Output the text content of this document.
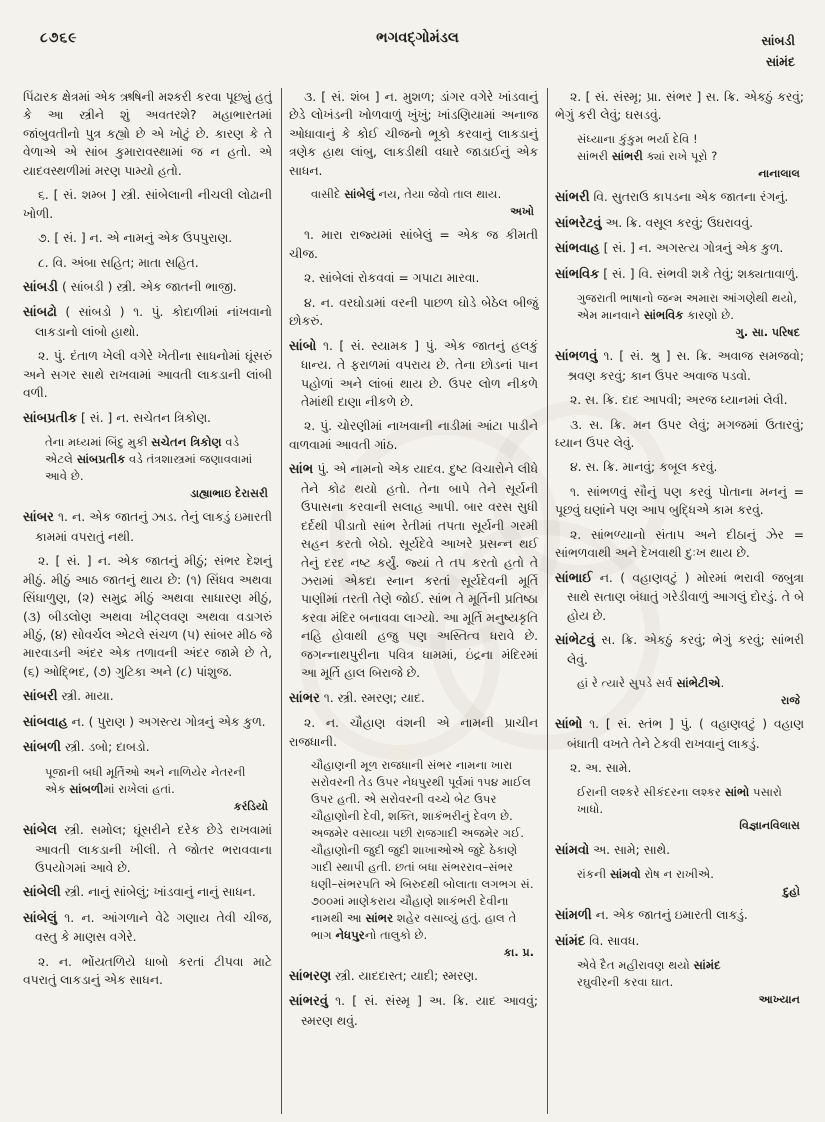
૮૭૬૯	ભગવદ્ગોમંડલ	સાંબડી
સાંમંદ

પિંઢારક ક્ષેત્રમાં એક ઋષિની મશ્કરી કરવા પૂછ્યું હતું કે આ સ્ત્રીને શું અવતરશે? મહાભારતમાં જાંબુવતીનો પુત્ર કહ્યો છે એ ખોટું છે. કારણ કે તે વેળાએ એ સાંબ કુમારાવસ્થામાં જ ન હતો. એ યાદવસ્થળીમાં મરણ પામ્યો હતો.

૬. [ સં. શમ્બ ] સ્ત્રી. સાંબેલાની નીચલી લોઢાની ખોળી.

૭. [ સં. ] ન. એ નામનું એક ઉપપુરાણ.

૮. વિ. અંબા સહિત; માતા સહિત.

સાંબડી ( સાંબડી ) સ્ત્રી. એક જાતની ભાજી.

સાંબઢો ( સાંબડો ) ૧. પું. કોદાળીમાં નાંખવાનો લાકડાનો લાંબો હાથો.

૨. પું. દંતાળ ખેલી વગેરે ખેતીના સાધનોમાં ઘૂંસરું અને સગર સાથે રાખવામાં આવતી લાકડાની લાંબી વળી.

સાંબપ્રતીક [ સં. ] ન. સચેતન ત્રિકોણ.

તેના મધ્યમાં બિંદુ મુકી સચેતન ત્રિકોણ વડે એટલે સાંબપ્રતીક વડે તંત્રશાસ્ત્રમાં જણાવવામાં આવે છે.
ડાહ્યાભાઇ દેરાસરી

સાંબર ૧. ન. એક જાતનું ઝાડ. તેનું લાકડું ઇમારતી કામમાં વપરાતું નથી.

૨. [ સં. ] ન. એક જાતનું મીઠું; સંભર દેશનું મીઠું. મીઠું આઠ જાતનું થાય છે: (૧) સિંધવ અથવા સિંધાળુણ, (૨) સમુદ્ર મીઠું અથવા સાધારણ મીઠું, (૩) બીડલોણ અથવા ખીટ્લવણ અથવા વડાગરું મીઠું, (૪) સોવર્ચલ એટલે સંચળ (૫) સાંબર મીઠ જે મારવાડની અંદર એક તળાવની અંદર જામે છે તે, (૬) ઓદ્ભિદ, (૭) ગુટિકા અને (૮) પાંશુજ.

સાંબરી સ્ત્રી. માયા.

સાંબવાહ ન. ( પુરાણ ) અગસ્ત્ય ગોત્રનું એક કુળ.

સાંબળી સ્ત્રી. ડબો; દાબડો.

પૂજાની બધી મૂર્તિઓ અને નાળિયેર નેતરની એક સાંબળીમાં રાખેલાં હતાં.
કરંડિયો

સાંબેલ સ્ત્રી. સમોલ; ઘૂંસરીને દરેક છેડે રાખવામાં આવતી લાકડાની ખીલી. તે જોતર ભરાવવાના ઉપયોગમાં આવે છે.

સાંબેલી સ્ત્રી. નાનું સાંબેલું; ખાંડવાનું નાનું સાધન.

સાંબેલું ૧. ન. આંગળાને વેઢે ગણાય તેવી ચીજ, વસ્તુ કે માણસ વગેરે.

૨. ન. ભોંયતળિયે ધાબો કરતાં ટીપવા માટે વપરાતું લાકડાનું એક સાધન.

૩. [ સં. શંબ ] ન. મુશળ; ડાંગર વગેરે ખાંડવાનું છેડે લોખંડની ખોળવાળું ખુંખું; ખાંડણિયામાં અનાજ ઓધાવાનું કે કોઈ ચીજનો ભૂકો કરવાનું લાકડાનું ત્રણેક હાથ લાંબુ, લાકડીથી વધારે જાડાઈનું એક સાધન.

વાસીદે સાંબેલું નય, તેયા જેવો તાલ થાય.
અખો

૧. મારા રાજ્યમાં સાંબેલું = એક જ કીમતી ચીજ.

૨. સાંબેલાં રોકવવાં = ગપાટા મારવા.

૪. ન. વરઘોડામાં વરની પાછળ ઘોડે બેઠેલ બીજું છોકરું.

સાંબો ૧. [ સં. સ્યામક ] પું. એક જાતનું હલકું ધાન્ય. તે ફરાળમાં વપરાય છે. તેના છોડનાં પાન પહોળાં અને લાંબાં થાય છે. ઉપર લોળ નીકળે તેમાંથી દાણા નીકળે છે.

૨. પું. ચોરણીમાં નાખવાની નાડીમાં આંટા પાડીને વાળવામાં આવતી ગાંઠ.

સાંભ પું. એ નામનો એક યાદવ. દુષ્ટ વિચારોને લીધે તેને કોઢ થયો હતો. તેના બાપે તેને સૂર્યની ઉપાસના કરવાની સલાહ આપી. બાર વરસ સુધી દર્દથી પીડાતો સાંભ રેતીમાં તપતા સૂર્યની ગરમી સહન કરતો બેઠો. સૂર્યદેવે આખરે પ્રસન્ન થઈ તેનું દરદ નષ્ટ કર્યું. જ્યાં તે તપ કરતો હતો તે ઝરામાં એકદા સ્નાન કરતાં સૂર્યદેવની મૂર્તિ પાણીમાં તરતી તેણે જોઈ. સાંભ તે મૂર્તિની પ્રતિષ્ઠા કરવા મંદિર બનાવવા લાગ્યો. આ મૂર્તિ મનુષ્યકૃતિ નહિ હોવાથી હજુ પણ અસ્તિત્વ ધરાવે છે. જગન્નાથપુરીના પવિત્ર ધામમાં, ઇંદ્રના મંદિરમાં આ મૂર્તિ હાલ બિરાજે છે.

સાંભર ૧. સ્ત્રી. સ્મરણ; યાદ.

૨. ન. ચૌહાણ વંશની એ નામની પ્રાચીન રાજધાની.

ચૌહાણની મૂળ રાજધાની સંભર નામના ખારા સરોવરની તેડ ઉપર નેધપુરથી પૂર્વમાં ૧૫૪ માઈલ ઉપર હતી. એ સરોવરની વચ્ચે બેટ ઉપર ચૌહાણોની દેવી, શક્તિ, શાકંભરીનું દેવળ છે. અજમેર વસાવ્યા પછી રાજગાદી અજમેર ગઈ. ચૌહાણોની જુદી જુદી શાખાઓએ જુદે ઠેકાણે ગાદી સ્થાપી હતી. છતાં બધા સંભરરાવ–સંભર ધણી–સંભરપતિ એ બિરુદથી બોલાતા લગભગ સં. ૭૦૦માં માણેકરાય ચૌહાણે શાકંભરી દેવીના નામથી આ સાંભર શહેર વસાવ્યું હતું. હાલ તે ભાગ નેધપુરનો તાલુકો છે.
કા. પ્ર.

સાંભરણ સ્ત્રી. યાદદાસ્ત; યાદી; સ્મરણ.

સાંભરવું ૧. [ સં. સંસ્મૃ ] અ. ક્રિ. યાદ આવવું; સ્મરણ થવું.

૨. [ સં. સંસ્મૃ; પ્રા. સંભર ] સ. ક્રિ. એકઠું કરવું; ભેગું કરી લેવું; ઘસડવું.

સંધ્યાના કુંકુમ ભર્યા દેવિ !
સાંભરી સાંભરી ક્યાં રાખે પૂરો ?
નાનાલાલ

સાંભરી વિ. સુતરાઉ કાપડના એક જાતના રંગનું.

સાંભરેટવું અ. ક્રિ. વસૂલ કરવું; ઉઘરાવવું.

સાંભવાહ [ સં. ] ન. અગસ્ત્ય ગોત્રનું એક કુળ.

સાંભવિક [ સં. ] વિ. સંભવી શકે તેવું; શક્યતાવાળું.

ગુજરાતી ભાષાનો જન્મ અમારા આંગણેથી થયો, એમ માનવાને સાંભવિક કારણો છે.
ગુ. સા. પરિષદ

સાંભળવું ૧. [ સં. શ્રુ ] સ. ક્રિ. અવાજ સમજવો; શ્રવણ કરવું; કાન ઉપર અવાજ પડવો.

૨. સ. ક્રિ. દાદ આપવી; અરજ ધ્યાનમાં લેવી.

૩. સ. ક્રિ. મન ઉપર લેવું; મગજમાં ઉતારવું; ધ્યાન ઉપર લેવું.

૪. સ. ક્રિ. માનવું; કબૂલ કરવું.

૧. સાંભળવું સૌનું પણ કરવું પોતાના મનનું = પૂછવું ઘણાંને પણ આપ બુદ્ધિએ કામ કરવું.

૨. સાંભળ્યાનો સંતાપ અને દીઠાનું ઝેર = સાંભળવાથી અને દેખવાથી દુઃખ થાય છે.

સાંભાઈ ન. ( વહાણવટું ) મોરમાં ભરાવી જબુત્રા સાથે સતાણ બંધાતું ગરેડીવાળું આગલું દોરડું. તે બે હોય છે.

સાંભેટવું સ. ક્રિ. એકઠું કરવું; ભેગું કરવું; સાંભરી લેવું.

હાં રે ત્યારે સુપડે સર્વ સાંભેટીએ.
રાજે

સાંભો ૧. [ સં. સ્તંભ ] પું. ( વહાણવટું ) વહાણ બંધાતી વખતે તેને ટેકવી રાખવાનું લાકડું.

૨. અ. સામે.

ઈરાની લશ્કરે સીકંદરના લશ્કર સાંભો પસારો ખાધો.
વિજ્ઞાનવિલાસ

સાંમવો અ. સામે; સાથે.

રાંકની સાંમવો રોષ ન રાખીએ.
દુહો

સાંમળી ન. એક જાતનું ઇમારતી લાકડું.

સાંમંદ વિ. સાવધ.

એવે દૈત મહીરાવણ થયો સાંમંદ
રઘુવીરની કરવા ઘાત.
આખ્યાન
